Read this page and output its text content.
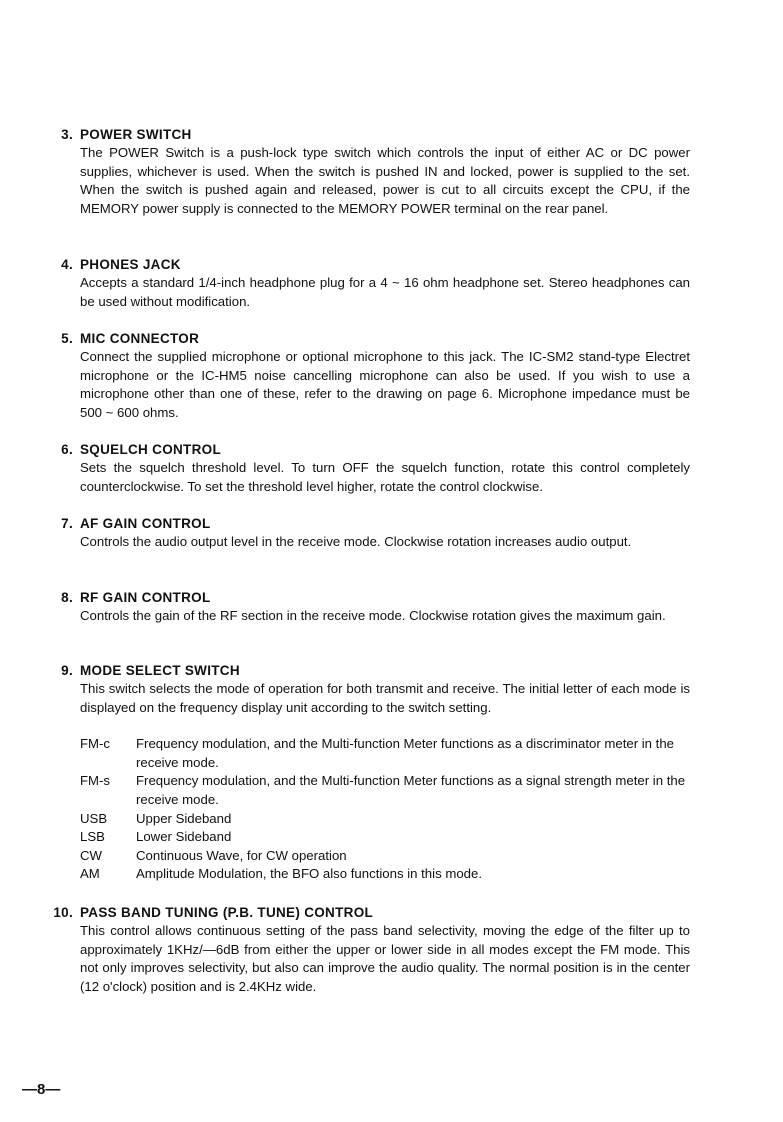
3. POWER SWITCH

The POWER Switch is a push-lock type switch which controls the input of either AC or DC power supplies, whichever is used. When the switch is pushed IN and locked, power is supplied to the set. When the switch is pushed again and released, power is cut to all circuits except the CPU, if the MEMORY power supply is connected to the MEMORY POWER terminal on the rear panel.

4. PHONES JACK

Accepts a standard 1/4-inch headphone plug for a 4 ~ 16 ohm headphone set. Stereo headphones can be used without modification.

5. MIC CONNECTOR

Connect the supplied microphone or optional microphone to this jack. The IC-SM2 stand-type Electret microphone or the IC-HM5 noise cancelling microphone can also be used. If you wish to use a microphone other than one of these, refer to the drawing on page 6. Microphone impedance must be 500 ~ 600 ohms.

6. SQUELCH CONTROL

Sets the squelch threshold level. To turn OFF the squelch function, rotate this control completely counterclockwise. To set the threshold level higher, rotate the control clockwise.

7. AF GAIN CONTROL

Controls the audio output level in the receive mode. Clockwise rotation increases audio output.

8. RF GAIN CONTROL

Controls the gain of the RF section in the receive mode. Clockwise rotation gives the maximum gain.

9. MODE SELECT SWITCH

This switch selects the mode of operation for both transmit and receive. The initial letter of each mode is displayed on the frequency display unit according to the switch setting.

FM-c	Frequency modulation, and the Multi-function Meter functions as a discriminator meter in the receive mode.
FM-s	Frequency modulation, and the Multi-function Meter functions as a signal strength meter in the receive mode.
USB	Upper Sideband
LSB	Lower Sideband
CW	Continuous Wave, for CW operation
AM	Amplitude Modulation, the BFO also functions in this mode.
10. PASS BAND TUNING (P.B. TUNE) CONTROL

This control allows continuous setting of the pass band selectivity, moving the edge of the filter up to approximately 1KHz/—6dB from either the upper or lower side in all modes except the FM mode. This not only improves selectivity, but also can improve the audio quality. The normal position is in the center (12 o'clock) position and is 2.4KHz wide.

—8—
